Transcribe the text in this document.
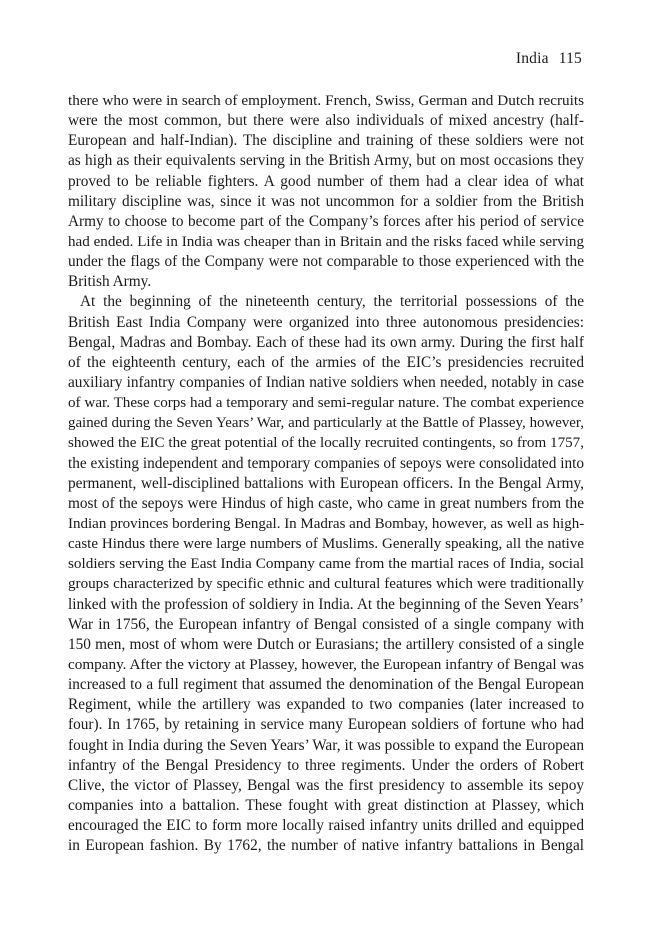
India 115
there who were in search of employment. French, Swiss, German and Dutch recruits
were the most common, but there were also individuals of mixed ancestry (half-
European and half-Indian). The discipline and training of these soldiers were not
as high as their equivalents serving in the British Army, but on most occasions they
proved to be reliable fighters. A good number of them had a clear idea of what
military discipline was, since it was not uncommon for a soldier from the British
Army to choose to become part of the Company’s forces after his period of service
had ended. Life in India was cheaper than in Britain and the risks faced while serving
under the flags of the Company were not comparable to those experienced with the
British Army.
At the beginning of the nineteenth century, the territorial possessions of the
British East India Company were organized into three autonomous presidencies:
Bengal, Madras and Bombay. Each of these had its own army. During the first half
of the eighteenth century, each of the armies of the EIC’s presidencies recruited
auxiliary infantry companies of Indian native soldiers when needed, notably in case
of war. These corps had a temporary and semi-regular nature. The combat experience
gained during the Seven Years’ War, and particularly at the Battle of Plassey, however,
showed the EIC the great potential of the locally recruited contingents, so from 1757,
the existing independent and temporary companies of sepoys were consolidated into
permanent, well-disciplined battalions with European officers. In the Bengal Army,
most of the sepoys were Hindus of high caste, who came in great numbers from the
Indian provinces bordering Bengal. In Madras and Bombay, however, as well as high-
caste Hindus there were large numbers of Muslims. Generally speaking, all the native
soldiers serving the East India Company came from the martial races of India, social
groups characterized by specific ethnic and cultural features which were traditionally
linked with the profession of soldiery in India. At the beginning of the Seven Years’
War in 1756, the European infantry of Bengal consisted of a single company with
150 men, most of whom were Dutch or Eurasians; the artillery consisted of a single
company. After the victory at Plassey, however, the European infantry of Bengal was
increased to a full regiment that assumed the denomination of the Bengal European
Regiment, while the artillery was expanded to two companies (later increased to
four). In 1765, by retaining in service many European soldiers of fortune who had
fought in India during the Seven Years’ War, it was possible to expand the European
infantry of the Bengal Presidency to three regiments. Under the orders of Robert
Clive, the victor of Plassey, Bengal was the first presidency to assemble its sepoy
companies into a battalion. These fought with great distinction at Plassey, which
encouraged the EIC to form more locally raised infantry units drilled and equipped
in European fashion. By 1762, the number of native infantry battalions in Bengal
